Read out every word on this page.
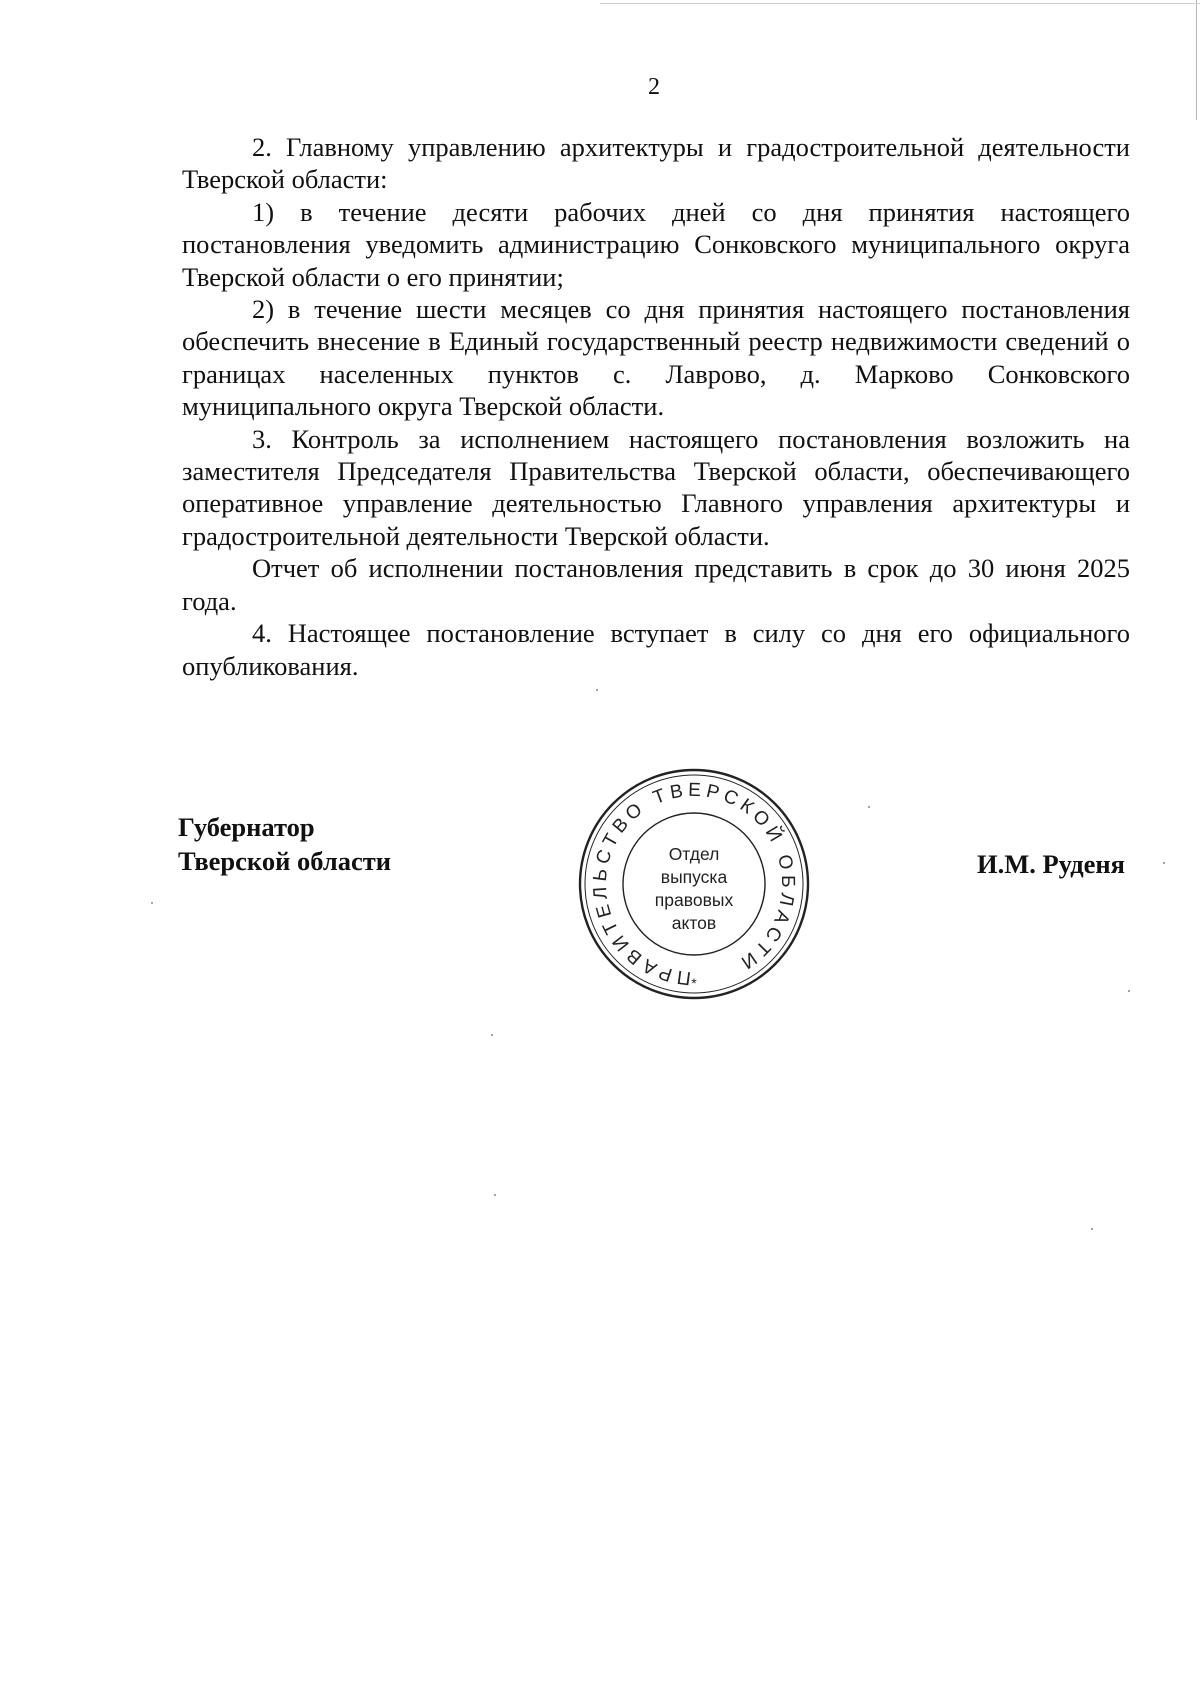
2

2. Главному управлению архитектуры и градостроительной деятельности Тверской области:

1) в течение десяти рабочих дней со дня принятия настоящего постановления уведомить администрацию Сонковского муниципального округа Тверской области о его принятии;

2) в течение шести месяцев со дня принятия настоящего постановления обеспечить внесение в Единый государственный реестр недвижимости сведений о границах населенных пунктов с. Лаврово, д. Марково Сонковского муниципального округа Тверской области.

3. Контроль за исполнением настоящего постановления возложить на заместителя Председателя Правительства Тверской области, обеспечивающего оперативное управление деятельностью Главного управления архитектуры и градостроительной деятельности Тверской области.

Отчет об исполнении постановления представить в срок до 30 июня 2025 года.

4. Настоящее постановление вступает в силу со дня его официального опубликования.

Губернатор
Тверской области
ПРАВИТЕЛЬСТВО ТВЕРСКОЙ ОБЛАСТИ
*
Отдел
выпуска
правовых
актов
И.М. Руденя
